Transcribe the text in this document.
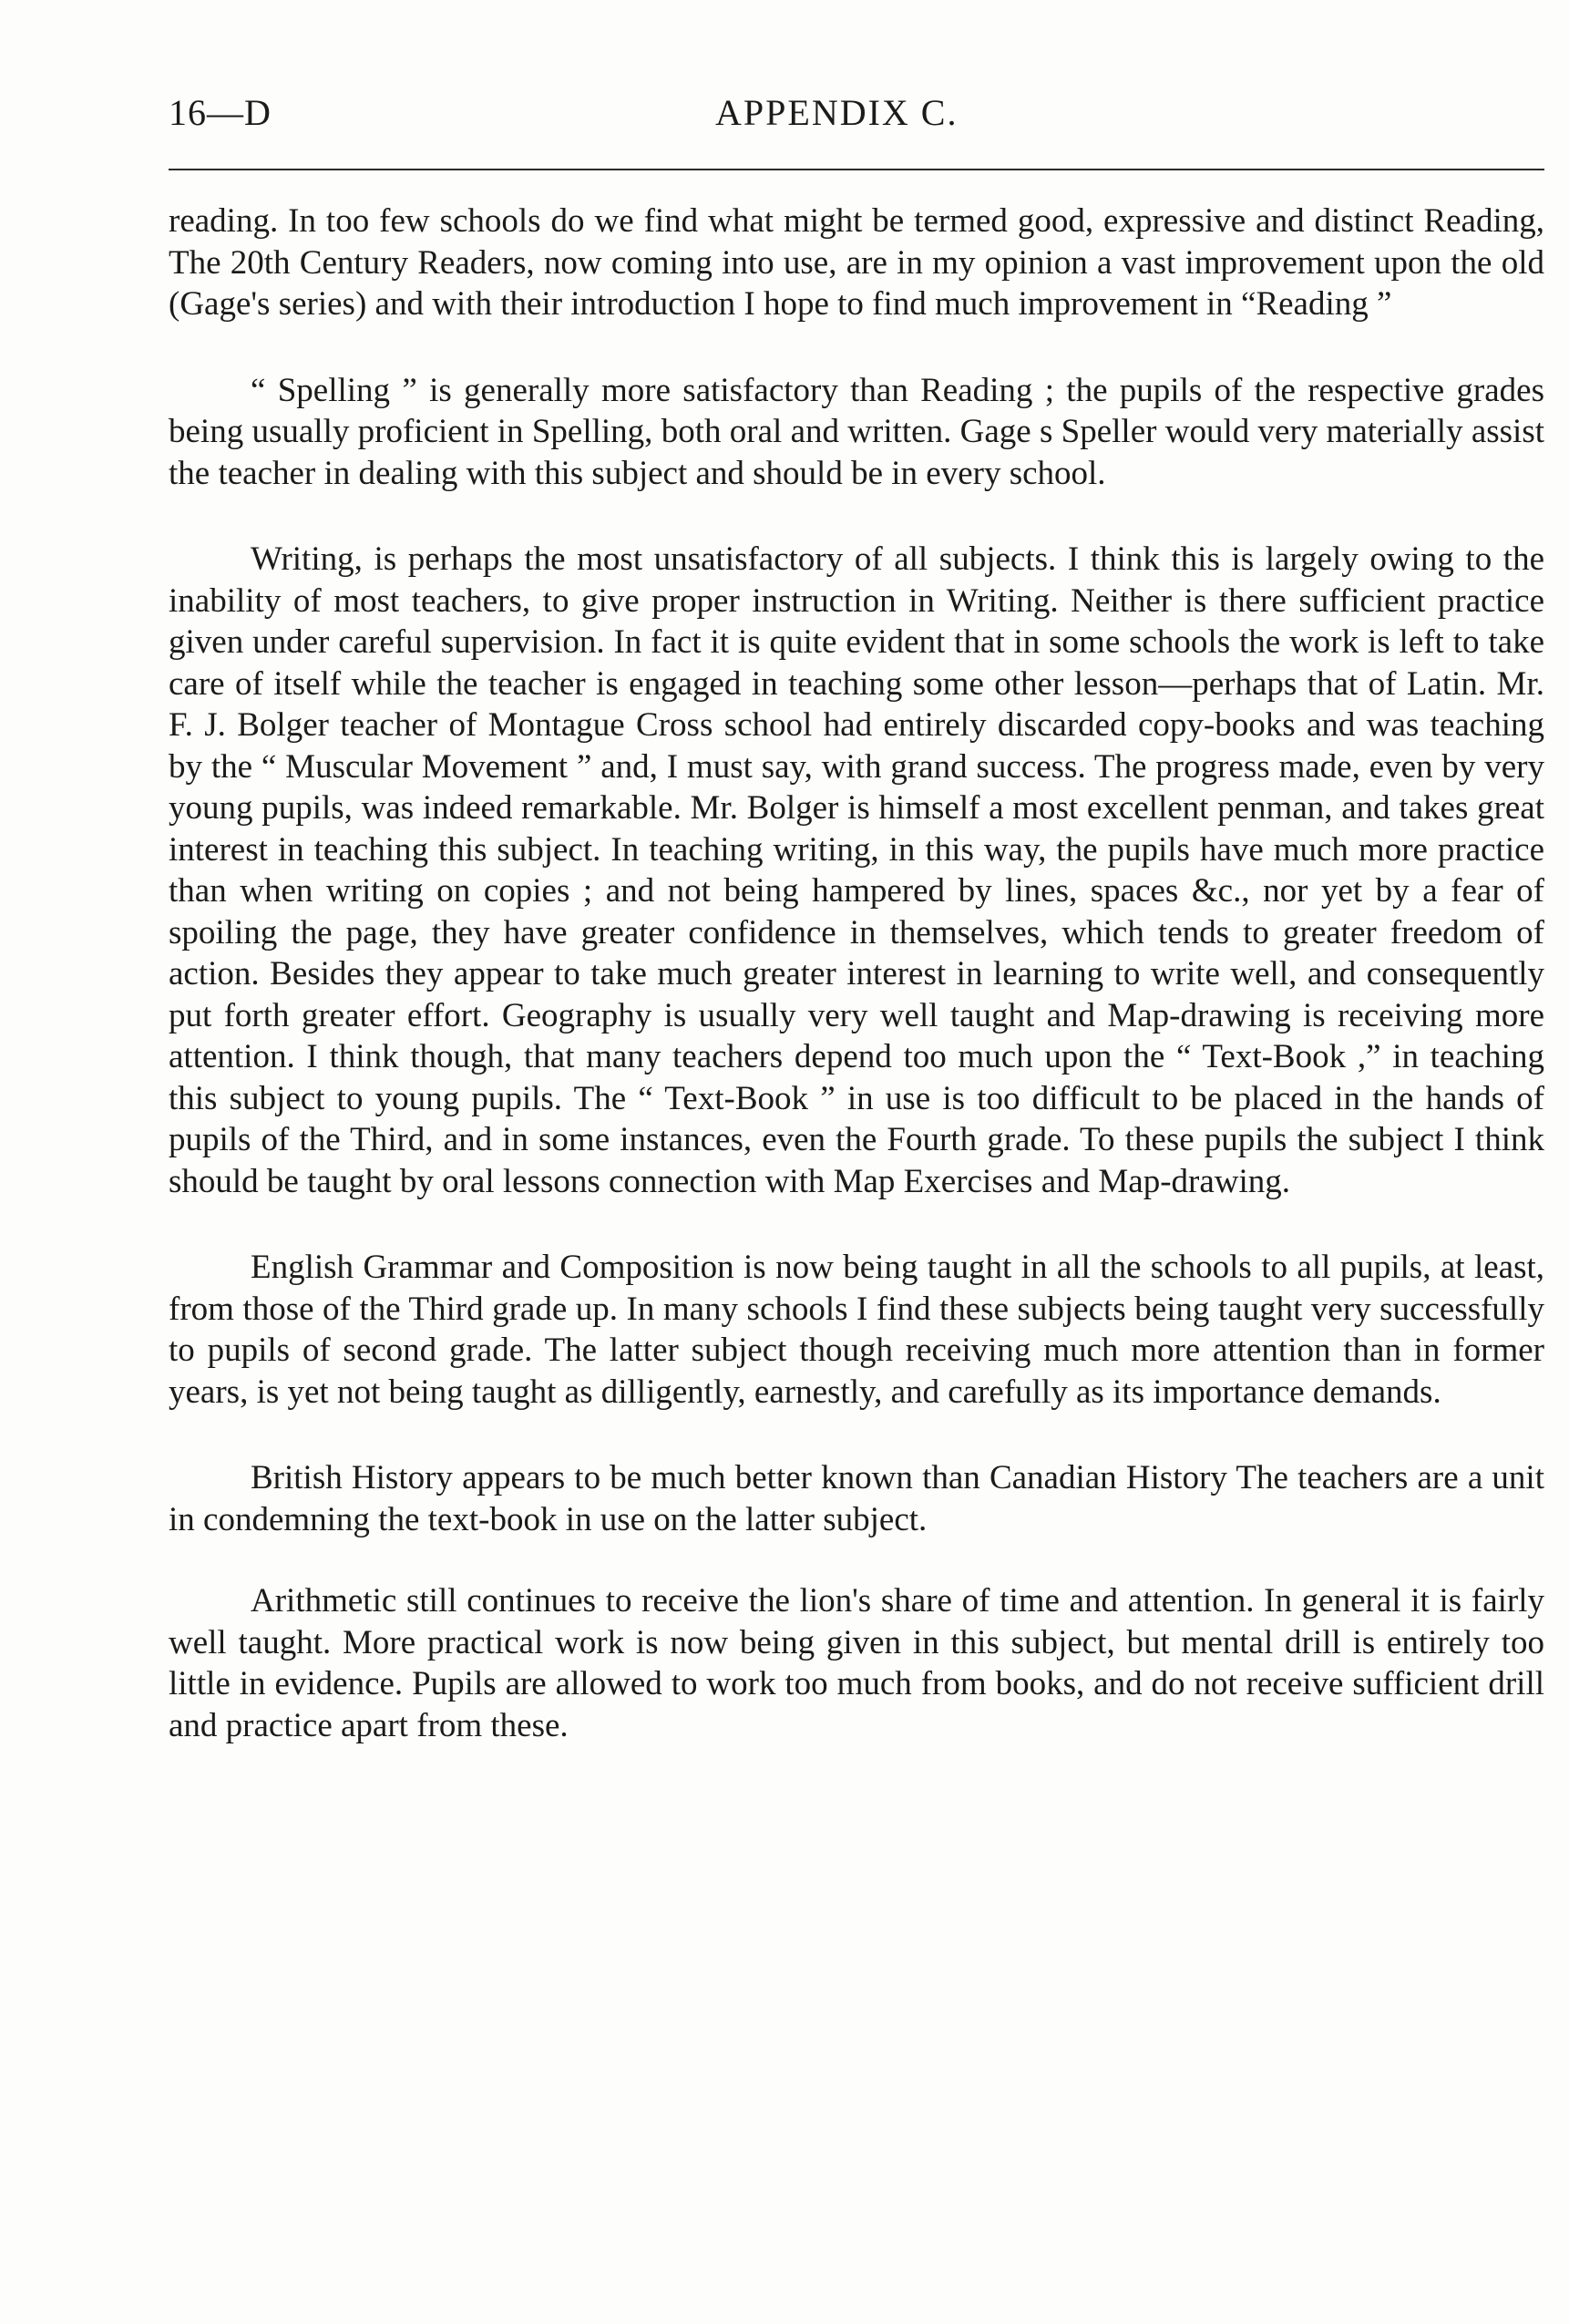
16—D	APPENDIX C.

reading. In too few schools do we find what might be termed good, expressive and distinct Reading, The 20th Century Readers, now coming into use, are in my opinion a vast improvement upon the old (Gage's series) and with their introduction I hope to find much improvement in “Reading ”

“ Spelling ” is generally more satisfactory than Reading ; the pupils of the respective grades being usually proficient in Spelling, both oral and written. Gage s Speller would very materially assist the teacher in dealing with this subject and should be in every school.

Writing, is perhaps the most unsatisfactory of all subjects. I think this is largely owing to the inability of most teachers, to give proper instruction in Writing. Neither is there sufficient practice given under careful supervision. In fact it is quite evident that in some schools the work is left to take care of itself while the teacher is engaged in teaching some other lesson—perhaps that of Latin. Mr. F. J. Bolger teacher of Montague Cross school had entirely discarded copy-books and was teaching by the “ Muscular Movement ” and, I must say, with grand success. The progress made, even by very young pupils, was indeed remarkable. Mr. Bolger is himself a most excellent penman, and takes great interest in teaching this subject. In teaching writing, in this way, the pupils have much more practice than when writing on copies ; and not being hampered by lines, spaces &c., nor yet by a fear of spoiling the page, they have greater confidence in themselves, which tends to greater freedom of action. Besides they appear to take much greater interest in learning to write well, and consequently put forth greater effort. Geography is usually very well taught and Map-drawing is receiving more attention. I think though, that many teachers depend too much upon the “ Text-Book ,” in teaching this subject to young pupils. The “ Text-Book ” in use is too difficult to be placed in the hands of pupils of the Third, and in some instances, even the Fourth grade. To these pupils the subject I think should be taught by oral lessons connection with Map Exercises and Map-drawing.

English Grammar and Composition is now being taught in all the schools to all pupils, at least, from those of the Third grade up. In many schools I find these subjects being taught very successfully to pupils of second grade. The latter subject though receiving much more attention than in former years, is yet not being taught as dilligently, earnestly, and carefully as its importance demands.

British History appears to be much better known than Canadian History The teachers are a unit in condemning the text-book in use on the latter subject.

Arithmetic still continues to receive the lion's share of time and attention. In general it is fairly well taught. More practical work is now being given in this subject, but mental drill is entirely too little in evidence. Pupils are allowed to work too much from books, and do not receive sufficient drill and practice apart from these.
